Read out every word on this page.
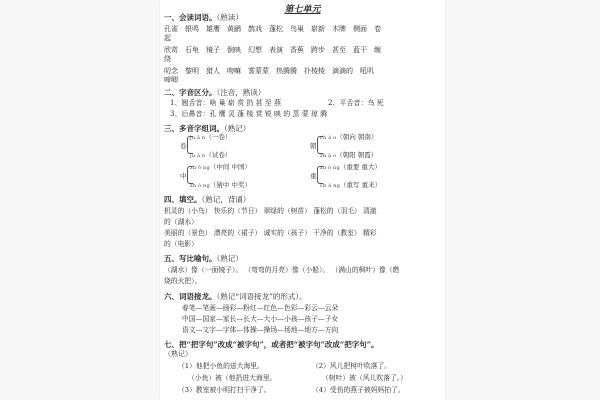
第七单元
一、会读词语。（熟读）
孔雀 银鸣 雄鹰 黄鹂 鹊戏 蓬松 鸟巢 崭新 木牌 侧面 卷
起
欣赏 石龟 镜子 倒映 幻想 表演 香蕉 跨步 甚至 蓝干 缠
绕
叨念 黎明 猎人 吻嘛 雾蒙蒙 热腾腾 扑棱棱 滴滴的 吼叽
啼唧
二、字音区分。（注音，熟读）
1、翘舌音：啥 巢 崭 赏 扔 甚 至 燕	2、平舌音：鸟 死
3、后鼻音：孔 鹰 灵 蓬 棱 赏 锐 映 的 蒸 蒙 琼 腾
三、多音字组词。（熟记）
ju ǎ n（一卷）
卷
ju à n（试卷）
ch á o（朝向 朝南）
朝
zh ā o（朝阳 朝霞）
zh ō ng（中间 中国）
中
zh ò ng（猜中 中奖）
zh ò ng（重要 重大）
重
ch ó ng（重写 重来）
四、填空。（熟记，背诵）
机灵的（小鸟） 快乐的（节日） 翠绿的（树苗） 蓬松的（羽毛） 清澈
的（湖水）
美丽的（景色） 漂亮的（裙子） 诚实的（孩子） 干净的（教室） 精彩
的（电影）
五、写比喻句。（熟记）
（湖水）像（一面镜子）。 （弯弯的月亮）像（小船）。 （满山的枫叶）像（燃
烧的火把）。
六、词语接龙。（熟记“词语接龙”的形式）。
春笔—笔画—画彩—粉红—红色—色彩—彩云—云朵
中国—国家—家长—长大—大小—小孩—孩子—子女
语文—文字—字体—体操—操场—场地—地方—方向
七、把“把字句”改成“被字句”，或者把“被字句”改成“把字句”。
（熟记）
（1）他把小鱼的送大海里。	（2）风儿把树叶吹落了。
（小鱼）被（他扔进大海里。	（树叶）被（风儿吹落了。）
（3）教室被小明打扫干净了。	（4）受伤的燕子被妈妈拍了。
